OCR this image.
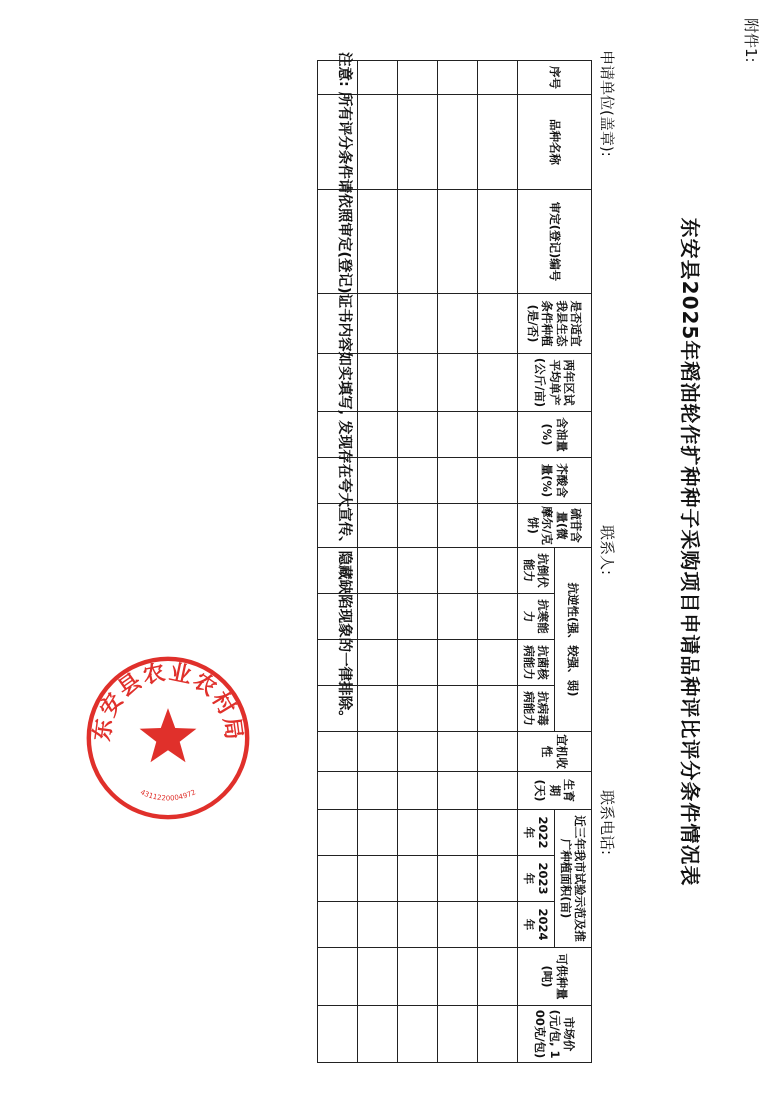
附件1:
东安县2025年稻油轮作扩种种子采购项目申请品种评比评分条件情况表
申请单位(盖章):
联系人:
联系电话:
序号	品种名称	审定(登记)编号	是否适宜我县生态条件种植(是/否)	两年区试平均单产(公斤/亩)	含油量(%)	芥酸含量(%)	硫苷含量(微摩尔/克饼)	抗逆性(强、较强、弱)				宜机收性	生育期(天)	近三年我市试验示范及推广种植面积(亩)			可供种量(吨)	市场价(元/包, 100克/包)
								抗倒伏能力	抗寒能力	抗菌核病能力	抗病毒病能力			2022年	2023年	2024年		

注意: 所有评分条件请依照审定(登记)证书内容如实填写, 发现存在夸大宣传、隐藏缺陷现象的一律排除。
东安县农业农村局
4311220004972
